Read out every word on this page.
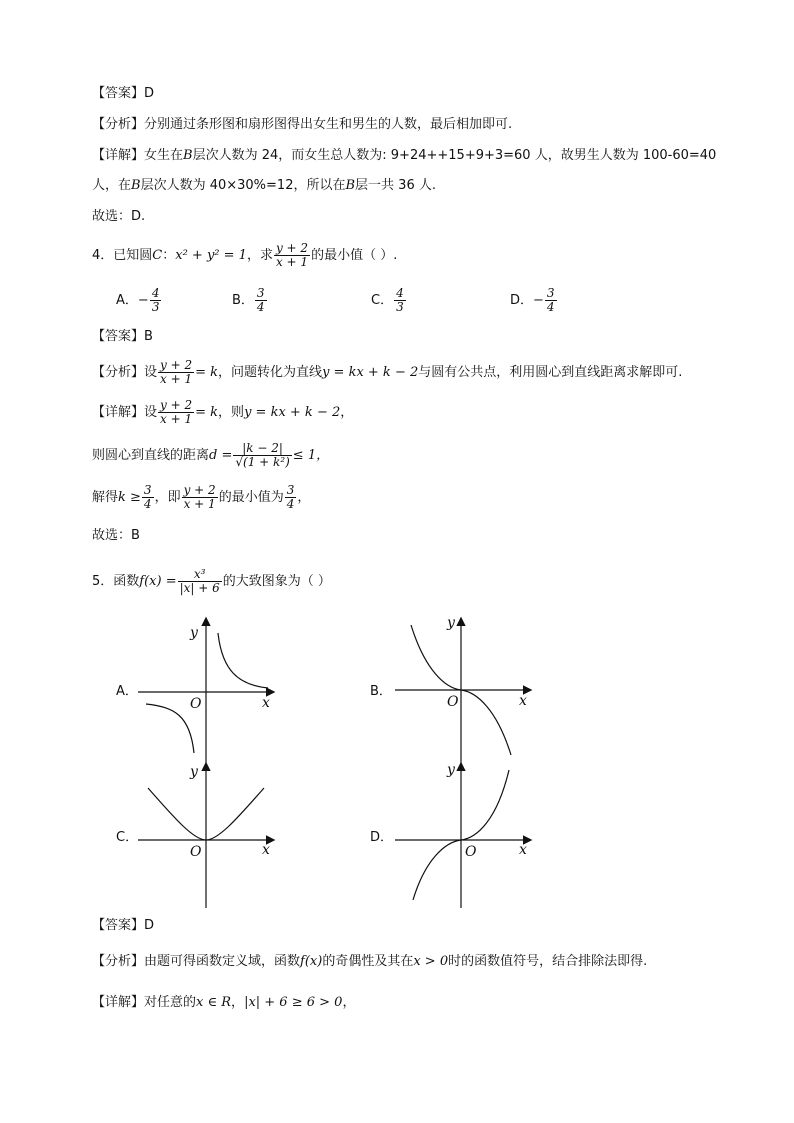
【答案】D
【分析】分别通过条形图和扇形图得出女生和男生的人数，最后相加即可.
【详解】女生在B层次人数为 24，而女生总人数为: 9+24++15+9+3=60 人，故男生人数为 100-60=40
人，在B层次人数为 40×30%=12，所以在B层一共 36 人.
故选：D.
4．已知圆C：x² + y² = 1，求 $\frac{y + 2}{x + 1}$ 的最小值（ ）.
A．− $\frac{4}{3}$	B． $\frac{3}{4}$	C． $\frac{4}{3}$	D．− $\frac{3}{4}$
【答案】B
【分析】设 $\frac{y + 2}{x + 1} = k$，问题转化为直线y = kx + k − 2与圆有公共点，利用圆心到直线距离求解即可.
【详解】设 $\frac{y + 2}{x + 1} = k$，则y = kx + k − 2，
则圆心到直线的距离$d = \frac{|k - 2|}{\text{√(1 + k²)}} \le 1$，
解得$k \ge \frac{3}{4}$ ，即 $\frac{y + 2}{x + 1}$ 的最小值为 $\frac{3}{4}$ ，
故选：B
5．函数$f(x) = \frac{\text{x³}}{|x| + 6}$ 的大致图象为（ ）
A．	B．
C．	D．
y
x
O
y
x
O
y
x
O
y
x
O
【答案】D
【分析】由题可得函数定义域，函数f(x)的奇偶性及其在x > 0时的函数值符号，结合排除法即得.
【详解】对任意的x ∈ R，|x| + 6 ≥ 6 > 0，
